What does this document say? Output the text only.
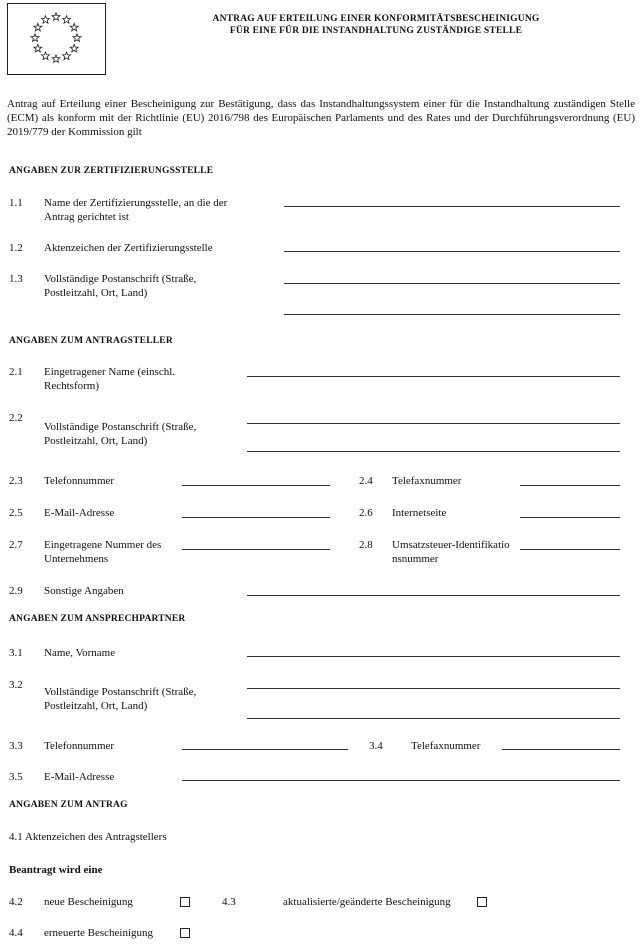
ANTRAG AUF ERTEILUNG EINER KONFORMITÄTSBESCHEINIGUNG
FÜR EINE FÜR DIE INSTANDHALTUNG ZUSTÄNDIGE STELLE
Antrag auf Erteilung einer Bescheinigung zur Bestätigung, dass das Instandhaltungssystem einer für die Instandhaltung zuständigen Stelle (ECM) als konform mit der Richtlinie (EU) 2016/798 des Europäischen Parlaments und des Rates und der Durchführungsverordnung (EU) 2019/779 der Kommission gilt
ANGABEN ZUR ZERTIFIZIERUNGSSTELLE
1.1 Name der Zertifizierungsstelle, an die der Antrag gerichtet ist
1.2 Aktenzeichen der Zertifizierungsstelle
1.3 Vollständige Postanschrift (Straße, Postleitzahl, Ort, Land)
ANGABEN ZUM ANTRAGSTELLER
2.1 Eingetragener Name (einschl. Rechtsform)
2.2
Vollständige Postanschrift (Straße, Postleitzahl, Ort, Land)
2.3 Telefonnummer	2.4 Telefaxnummer
2.5 E-Mail-Adresse	2.6 Internetseite
2.7 Eingetragene Nummer des Unternehmens
2.8 Umsatzsteuer-Identifikationsnummer
2.9 Sonstige Angaben
ANGABEN ZUM ANSPRECHPARTNER
3.1 Name, Vorname
3.2
Vollständige Postanschrift (Straße, Postleitzahl, Ort, Land)
3.3 Telefonnummer	3.4	Telefaxnummer
3.5 E-Mail-Adresse
ANGABEN ZUM ANTRAG
4.1 Aktenzeichen des Antragstellers
Beantragt wird eine
4.2 neue Bescheinigung	4.3	aktualisierte/geänderte Bescheinigung
4.4 erneuerte Bescheinigung
